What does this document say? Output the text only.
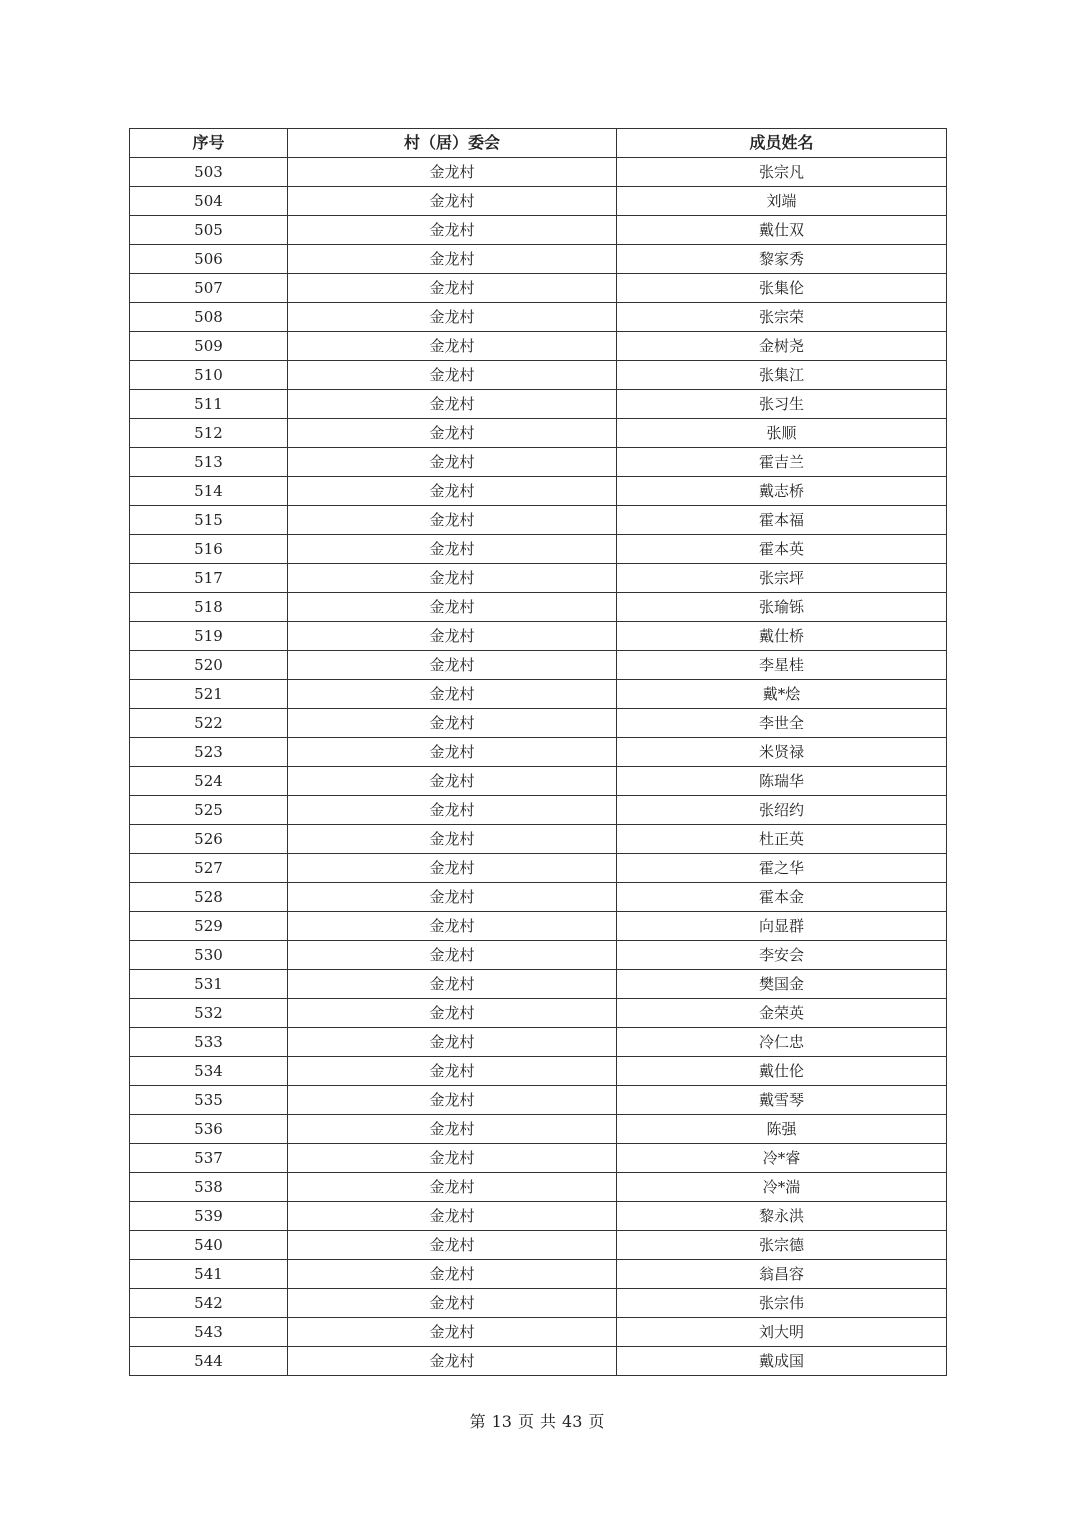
序号	村（居）委会	成员姓名
503	金龙村	张宗凡
504	金龙村	刘端
505	金龙村	戴仕双
506	金龙村	黎家秀
507	金龙村	张集伦
508	金龙村	张宗荣
509	金龙村	金树尧
510	金龙村	张集江
511	金龙村	张习生
512	金龙村	张顺
513	金龙村	霍吉兰
514	金龙村	戴志桥
515	金龙村	霍本福
516	金龙村	霍本英
517	金龙村	张宗坪
518	金龙村	张瑜铄
519	金龙村	戴仕桥
520	金龙村	李星桂
521	金龙村	戴*烩
522	金龙村	李世全
523	金龙村	米贤禄
524	金龙村	陈瑞华
525	金龙村	张绍约
526	金龙村	杜正英
527	金龙村	霍之华
528	金龙村	霍本金
529	金龙村	向显群
530	金龙村	李安会
531	金龙村	樊国金
532	金龙村	金荣英
533	金龙村	冷仁忠
534	金龙村	戴仕伦
535	金龙村	戴雪琴
536	金龙村	陈强
537	金龙村	冷*睿
538	金龙村	冷*湍
539	金龙村	黎永洪
540	金龙村	张宗德
541	金龙村	翁昌容
542	金龙村	张宗伟
543	金龙村	刘大明
544	金龙村	戴成国
第 13 页 共 43 页
